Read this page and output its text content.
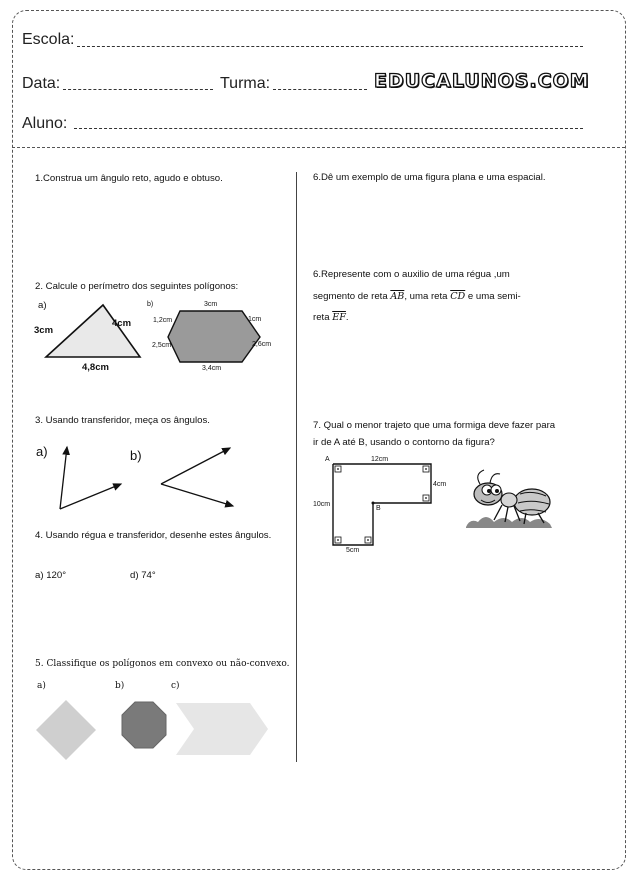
Escola:
Data:	Turma:	EDUCALUNOS.COM
Aluno:
1.Construa um ângulo reto, agudo e obtuso.
2. Calcule o perímetro dos seguintes polígonos:
a)
3cm
4cm
4,8cm
b)	3cm
1,2cm	1cm
2,5cm	2,6cm
3,4cm
3. Usando transferidor, meça os ângulos.
a)	b)
4. Usando régua e transferidor, desenhe estes ângulos.
a) 120°	d) 74°
5. Classifique os polígonos em convexo ou não-convexo.
a)	b)	c)
6.Dê um exemplo de uma figura plana e uma espacial.
6.Represente com o auxilio de uma régua ,um
segmento de reta $\overline{AB}$, uma reta $\overline{CD}$ e uma semi-
reta $\overline{EF}$.
7. Qual o menor trajeto que uma formiga deve fazer para ir de A até B, usando o contorno da figura?
A
B
12cm
4cm
10cm
5cm
